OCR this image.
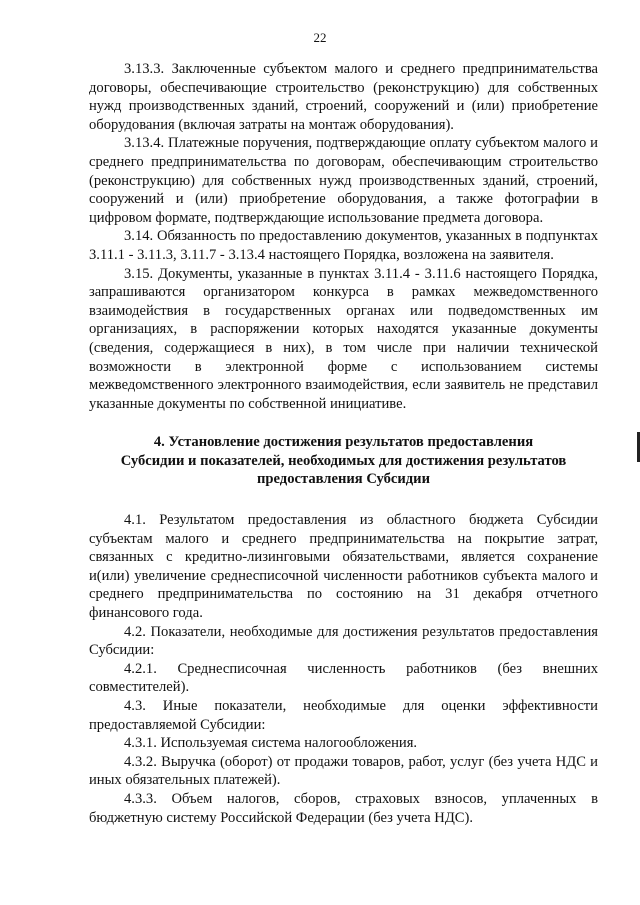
22

3.13.3. Заключенные субъектом малого и среднего предпринимательства договоры, обеспечивающие строительство (реконструкцию) для собственных нужд производственных зданий, строений, сооружений и (или) приобретение оборудования (включая затраты на монтаж оборудования).

3.13.4. Платежные поручения, подтверждающие оплату субъектом малого и среднего предпринимательства по договорам, обеспечивающим строительство (реконструкцию) для собственных нужд производственных зданий, строений, сооружений и (или) приобретение оборудования, а также фотографии в цифровом формате, подтверждающие использование предмета договора.

3.14. Обязанность по предоставлению документов, указанных в подпунктах 3.11.1 - 3.11.3, 3.11.7 - 3.13.4 настоящего Порядка, возложена на заявителя.

3.15. Документы, указанные в пунктах 3.11.4 - 3.11.6 настоящего Порядка, запрашиваются организатором конкурса в рамках межведомственного взаимодействия в государственных органах или подведомственных им организациях, в распоряжении которых находятся указанные документы (сведения, содержащиеся в них), в том числе при наличии технической возможности в электронной форме с использованием системы межведомственного электронного взаимодействия, если заявитель не представил указанные документы по собственной инициативе.

4. Установление достижения результатов предоставления
Субсидии и показателей, необходимых для достижения результатов
предоставления Субсидии

4.1. Результатом предоставления из областного бюджета Субсидии субъектам малого и среднего предпринимательства на покрытие затрат, связанных с кредитно-лизинговыми обязательствами, является сохранение и(или) увеличение среднесписочной численности работников субъекта малого и среднего предпринимательства по состоянию на 31 декабря отчетного финансового года.

4.2. Показатели, необходимые для достижения результатов предоставления Субсидии:

4.2.1. Среднесписочная численность работников (без внешних совместителей).

4.3. Иные показатели, необходимые для оценки эффективности предоставляемой Субсидии:

4.3.1. Используемая система налогообложения.

4.3.2. Выручка (оборот) от продажи товаров, работ, услуг (без учета НДС и иных обязательных платежей).

4.3.3. Объем налогов, сборов, страховых взносов, уплаченных в бюджетную систему Российской Федерации (без учета НДС).
